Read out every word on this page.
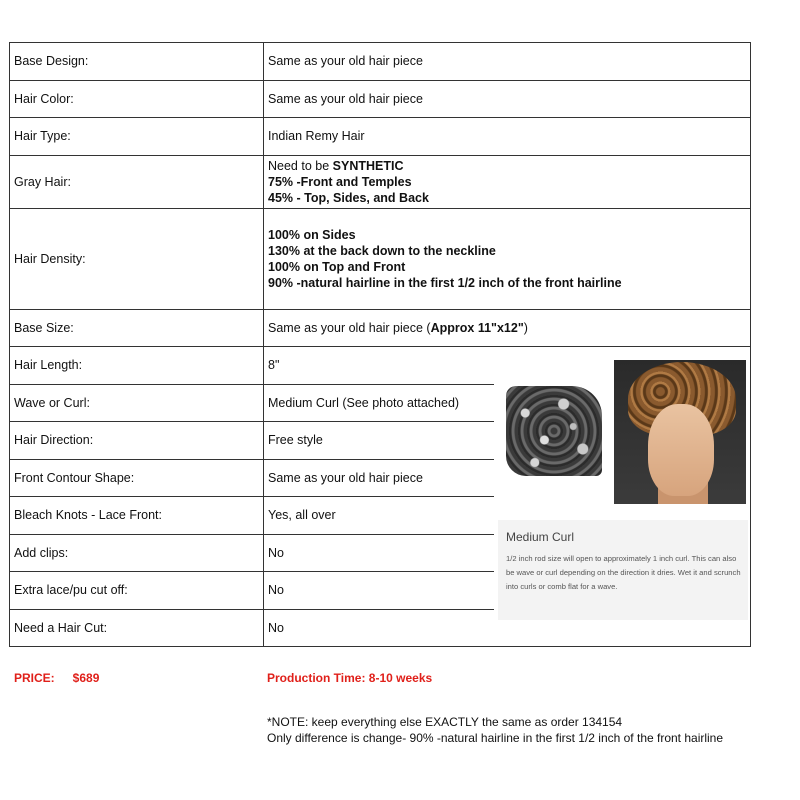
Base Design:	Same as your old hair piece
Hair Color:	Same as your old hair piece
Hair Type:	Indian Remy Hair
Gray Hair:	Need to be SYNTHETIC
75% -Front and Temples
45% - Top, Sides, and Back
Hair Density:	100% on Sides
130% at the back down to the neckline
100% on Top and Front
90% -natural hairline in the first 1/2 inch of the front hairline
Base Size:	Same as your old hair piece (Approx 11"x12")
Hair Length:	8"
Wave or Curl:	Medium Curl (See photo attached)
Hair Direction:	Free style
Front Contour Shape:	Same as your old hair piece
Bleach Knots - Lace Front:	Yes, all over
Add clips:	No
Extra lace/pu cut off:	No
Need a Hair Cut:	No
Medium Curl
1/2 inch rod size will open to approximately 1 inch curl. This can also be wave or curl depending on the direction it dries. Wet it and scrunch into curls or comb flat for a wave.
PRICE: $689	Production Time: 8-10 weeks
*NOTE: keep everything else EXACTLY the same as order 134154
Only difference is change- 90% -natural hairline in the first 1/2 inch of the front hairline
